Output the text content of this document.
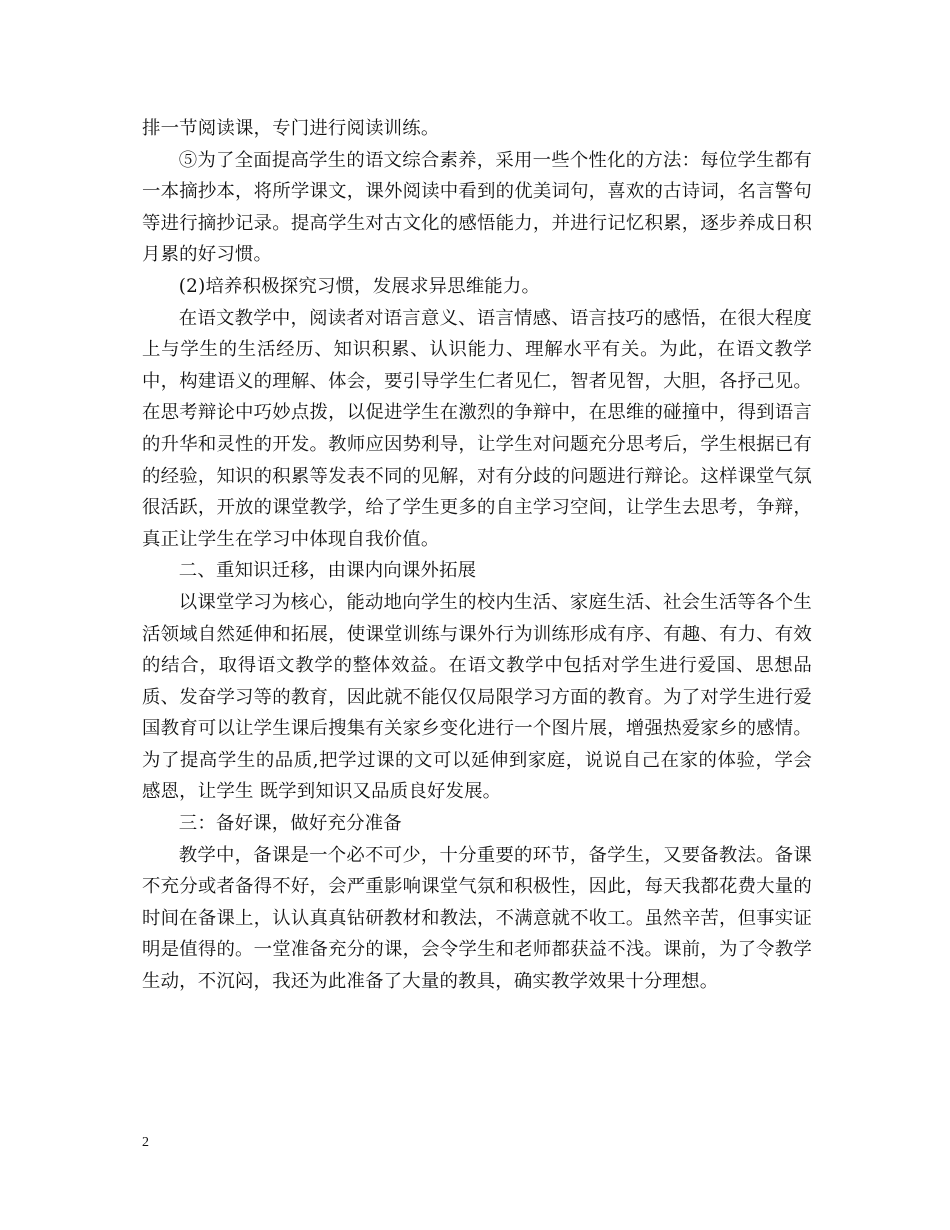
排一节阅读课，专门进行阅读训练。

⑤为了全面提高学生的语文综合素养，采用一些个性化的方法：每位学生都有一本摘抄本，将所学课文，课外阅读中看到的优美词句，喜欢的古诗词，名言警句等进行摘抄记录。提高学生对古文化的感悟能力，并进行记忆积累，逐步养成日积月累的好习惯。

(2)培养积极探究习惯，发展求异思维能力。

在语文教学中，阅读者对语言意义、语言情感、语言技巧的感悟，在很大程度上与学生的生活经历、知识积累、认识能力、理解水平有关。为此，在语文教学中，构建语义的理解、体会，要引导学生仁者见仁，智者见智，大胆，各抒己见。在思考辩论中巧妙点拨，以促进学生在激烈的争辩中，在思维的碰撞中，得到语言的升华和灵性的开发。教师应因势利导，让学生对问题充分思考后，学生根据已有的经验，知识的积累等发表不同的见解，对有分歧的问题进行辩论。这样课堂气氛很活跃，开放的课堂教学，给了学生更多的自主学习空间，让学生去思考，争辩，真正让学生在学习中体现自我价值。

二、重知识迁移，由课内向课外拓展

以课堂学习为核心，能动地向学生的校内生活、家庭生活、社会生活等各个生活领域自然延伸和拓展，使课堂训练与课外行为训练形成有序、有趣、有力、有效的结合，取得语文教学的整体效益。在语文教学中包括对学生进行爱国、思想品质、发奋学习等的教育，因此就不能仅仅局限学习方面的教育。为了对学生进行爱国教育可以让学生课后搜集有关家乡变化进行一个图片展，增强热爱家乡的感情。为了提高学生的品质,把学过课的文可以延伸到家庭，说说自己在家的体验，学会感恩，让学生 既学到知识又品质良好发展。

三：备好课，做好充分准备

教学中，备课是一个必不可少，十分重要的环节，备学生，又要备教法。备课不充分或者备得不好，会严重影响课堂气氛和积极性，因此，每天我都花费大量的时间在备课上，认认真真钻研教材和教法，不满意就不收工。虽然辛苦，但事实证明是值得的。一堂准备充分的课，会令学生和老师都获益不浅。课前，为了令教学生动，不沉闷，我还为此准备了大量的教具，确实教学效果十分理想。

2
